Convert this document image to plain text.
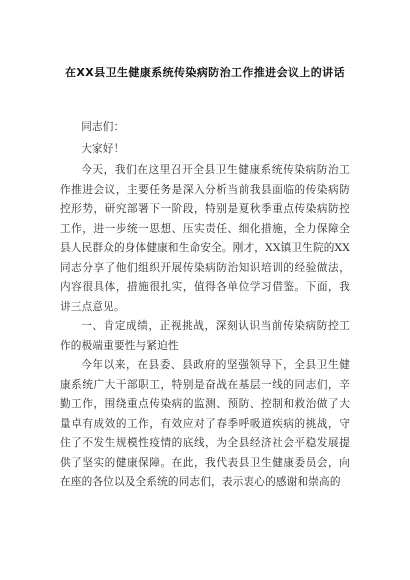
在XX县卫生健康系统传染病防治工作推进会议上的讲话

同志们：

大家好！

今天，我们在这里召开全县卫生健康系统传染病防治工作推进会议，主要任务是深入分析当前我县面临的传染病防控形势，研究部署下一阶段，特别是夏秋季重点传染病防控工作，进一步统一思想、压实责任、细化措施，全力保障全县人民群众的身体健康和生命安全。刚才，XX镇卫生院的XX同志分享了他们组织开展传染病防治知识培训的经验做法，内容很具体，措施很扎实，值得各单位学习借鉴。下面，我讲三点意见。

一、肯定成绩，正视挑战，深刻认识当前传染病防控工作的极端重要性与紧迫性

今年以来，在县委、县政府的坚强领导下，全县卫生健康系统广大干部职工，特别是奋战在基层一线的同志们，辛勤工作，围绕重点传染病的监测、预防、控制和救治做了大量卓有成效的工作，有效应对了春季呼吸道疾病的挑战，守住了不发生规模性疫情的底线，为全县经济社会平稳发展提供了坚实的健康保障。在此，我代表县卫生健康委员会，向在座的各位以及全系统的同志们，表示衷心的感谢和崇高的
